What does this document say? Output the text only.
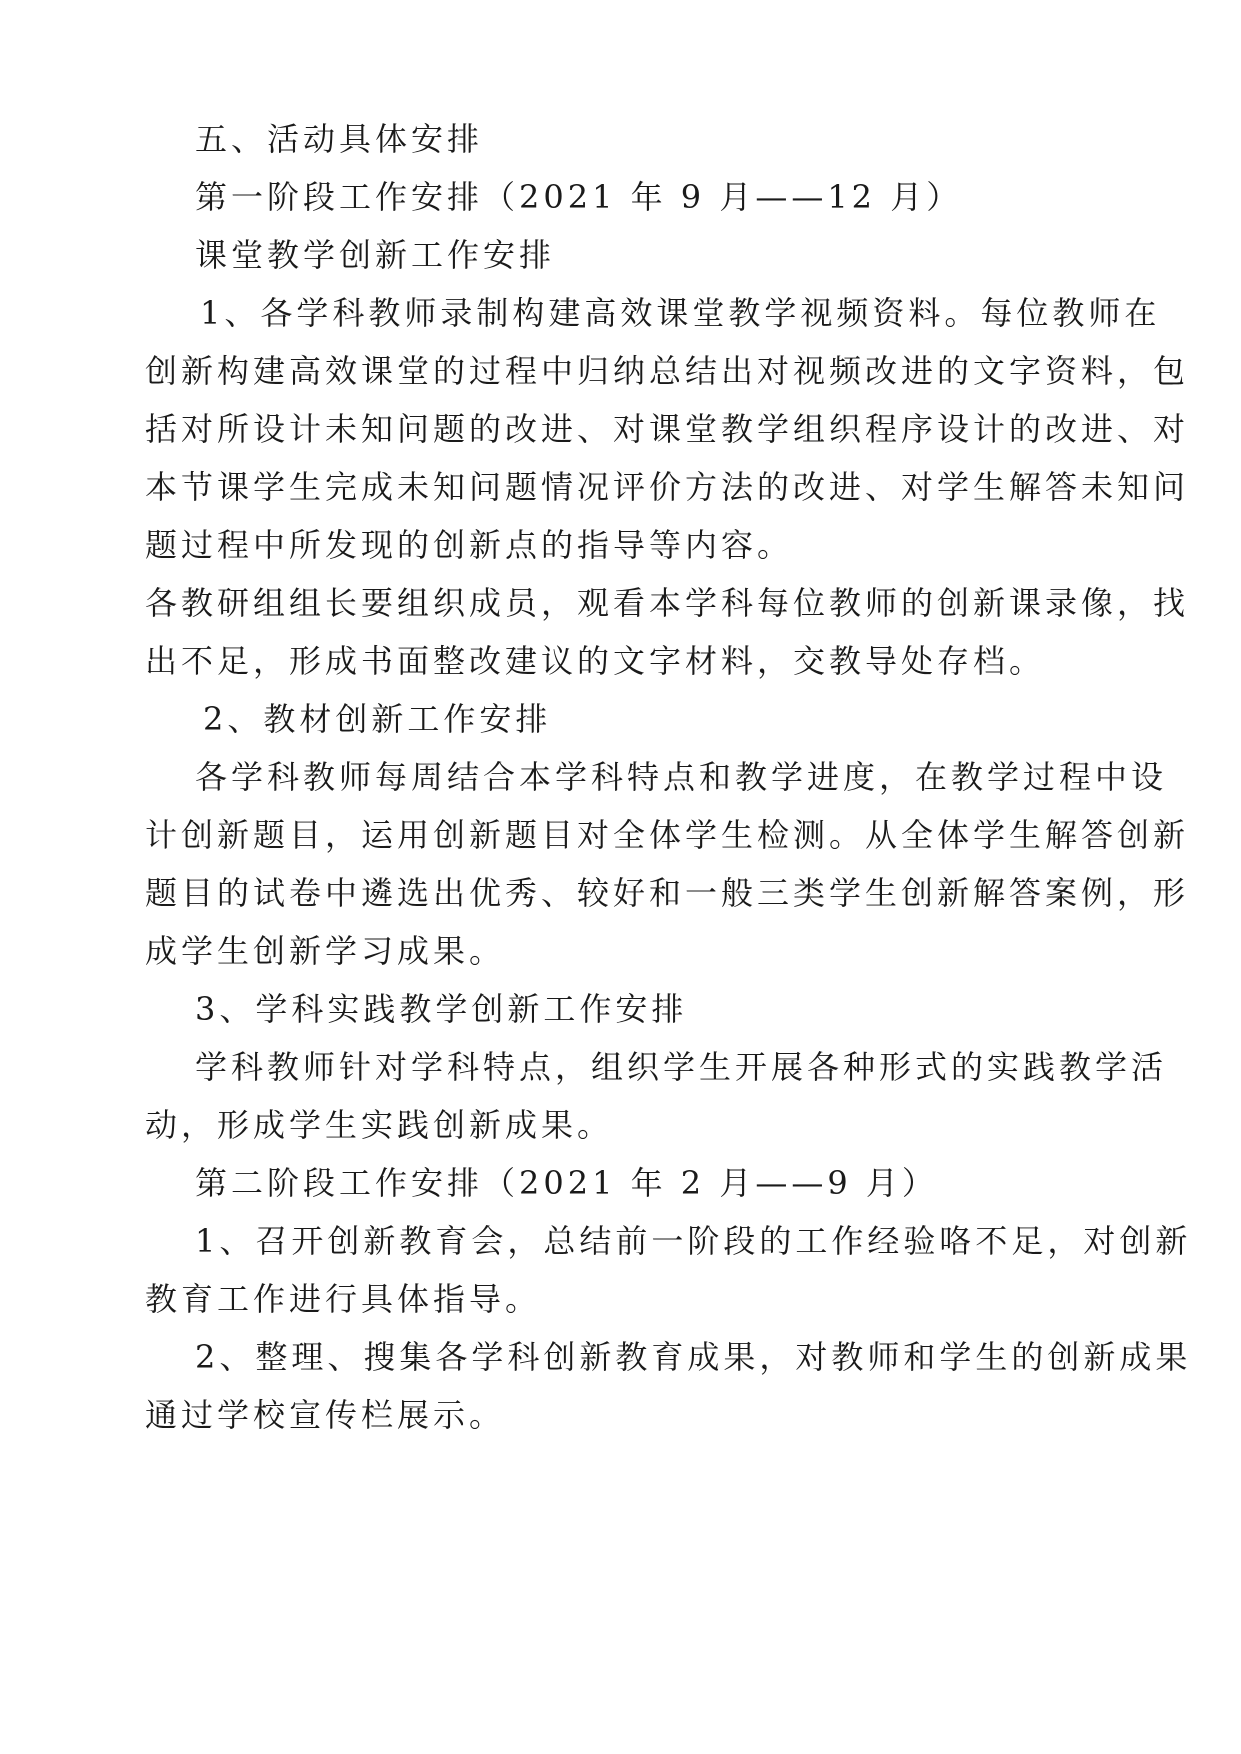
五、活动具体安排

第一阶段工作安排（2021 年 9 月——12 月）

课堂教学创新工作安排

1、各学科教师录制构建高效课堂教学视频资料。每位教师在

创新构建高效课堂的过程中归纳总结出对视频改进的文字资料，包

括对所设计未知问题的改进、对课堂教学组织程序设计的改进、对

本节课学生完成未知问题情况评价方法的改进、对学生解答未知问

题过程中所发现的创新点的指导等内容。

各教研组组长要组织成员，观看本学科每位教师的创新课录像，找

出不足，形成书面整改建议的文字材料，交教导处存档。

2、教材创新工作安排

各学科教师每周结合本学科特点和教学进度，在教学过程中设

计创新题目，运用创新题目对全体学生检测。从全体学生解答创新

题目的试卷中遴选出优秀、较好和一般三类学生创新解答案例，形

成学生创新学习成果。

3、学科实践教学创新工作安排

学科教师针对学科特点，组织学生开展各种形式的实践教学活

动，形成学生实践创新成果。

第二阶段工作安排（2021 年 2 月——9 月）

1、召开创新教育会，总结前一阶段的工作经验咯不足，对创新

教育工作进行具体指导。

2、整理、搜集各学科创新教育成果，对教师和学生的创新成果

通过学校宣传栏展示。
